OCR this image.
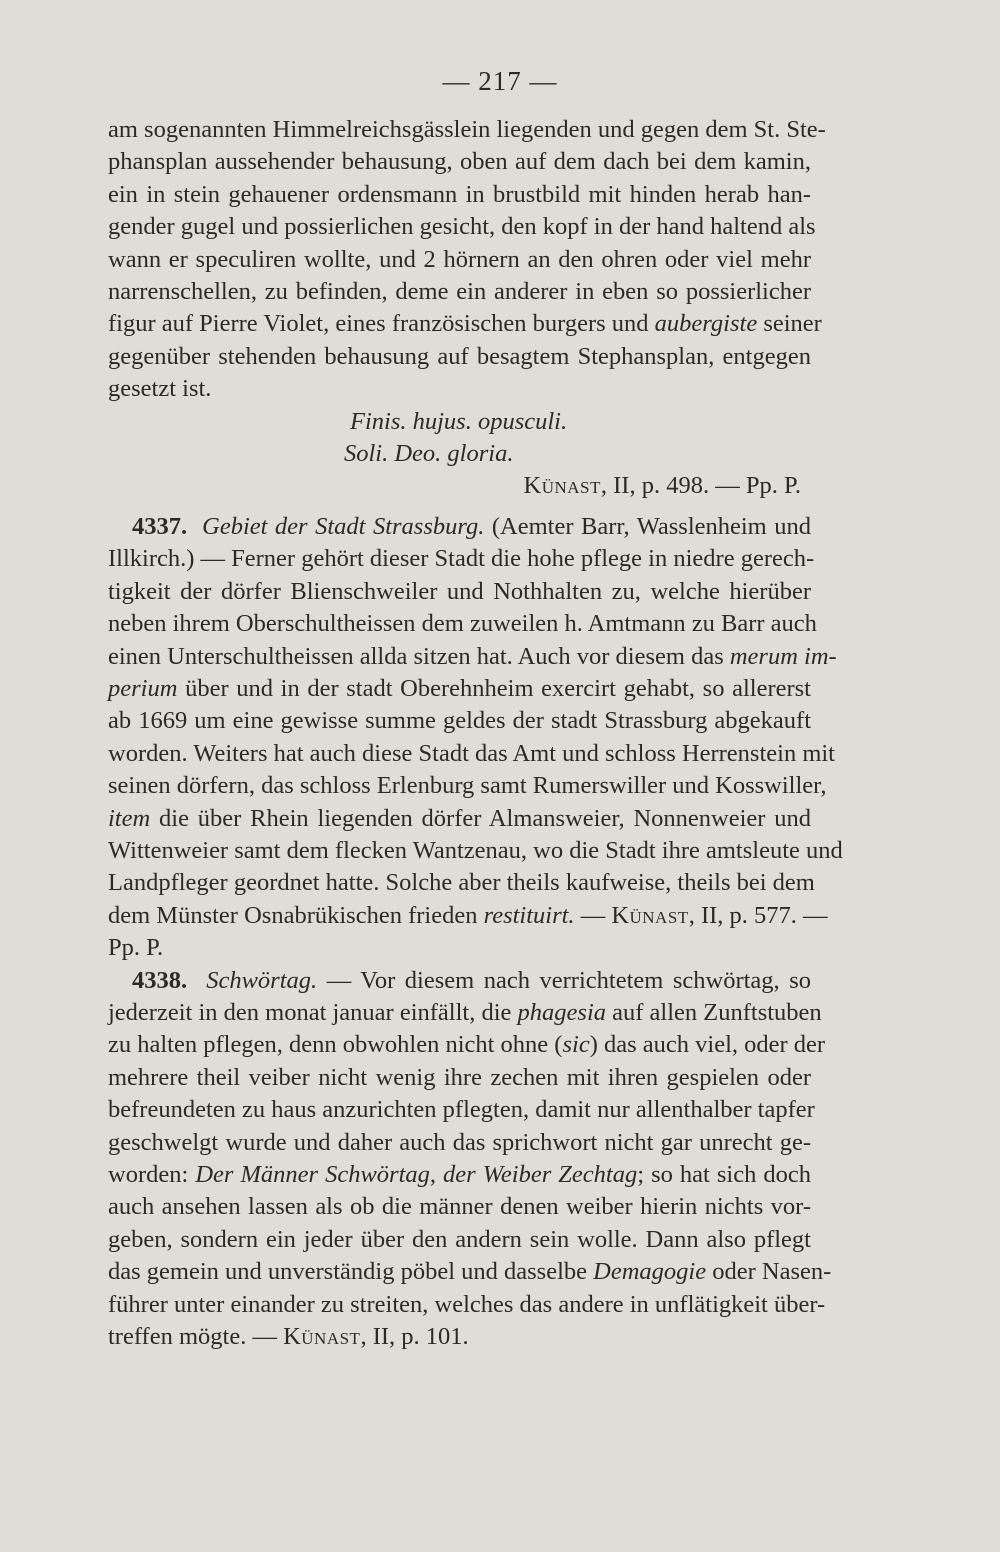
— 217 —

am sogenannten Himmelreichsgässlein liegenden und gegen dem St. Ste-
phansplan aussehender behausung, oben auf dem dach bei dem kamin,
ein in stein gehauener ordensmann in brustbild mit hinden herab han-
gender gugel und possierlichen gesicht, den kopf in der hand haltend als
wann er speculiren wollte, und 2 hörnern an den ohren oder viel mehr
narrenschellen, zu befinden, deme ein anderer in eben so possierlicher
figur auf Pierre Violet, eines französischen burgers und aubergiste seiner
gegenüber stehenden behausung auf besagtem Stephansplan, entgegen
gesetzt ist.

Finis. hujus. opusculi.
Soli. Deo. gloria.
Künast, II, p. 498. — Pp. P.

4337. Gebiet der Stadt Strassburg. (Aemter Barr, Wasslenheim und
Illkirch.) — Ferner gehört dieser Stadt die hohe pflege in niedre gerech-
tigkeit der dörfer Blienschweiler und Nothhalten zu, welche hierüber
neben ihrem Oberschultheissen dem zuweilen h. Amtmann zu Barr auch
einen Unterschultheissen allda sitzen hat. Auch vor diesem das merum im-
perium über und in der stadt Oberehnheim exercirt gehabt, so allererst
ab 1669 um eine gewisse summe geldes der stadt Strassburg abgekauft
worden. Weiters hat auch diese Stadt das Amt und schloss Herrenstein mit
seinen dörfern, das schloss Erlenburg samt Rumerswiller und Kosswiller,
item die über Rhein liegenden dörfer Almansweier, Nonnenweier und
Wittenweier samt dem flecken Wantzenau, wo die Stadt ihre amtsleute und
Landpfleger geordnet hatte. Solche aber theils kaufweise, theils bei dem
dem Münster Osnabrükischen frieden restituirt. — Künast, II, p. 577. —
Pp. P.

4338. Schwörtag. — Vor diesem nach verrichtetem schwörtag, so
jederzeit in den monat januar einfällt, die phagesia auf allen Zunftstuben
zu halten pflegen, denn obwohlen nicht ohne (sic) das auch viel, oder der
mehrere theil veiber nicht wenig ihre zechen mit ihren gespielen oder
befreundeten zu haus anzurichten pflegten, damit nur allenthalber tapfer
geschwelgt wurde und daher auch das sprichwort nicht gar unrecht ge-
worden: Der Männer Schwörtag, der Weiber Zechtag; so hat sich doch
auch ansehen lassen als ob die männer denen weiber hierin nichts vor-
geben, sondern ein jeder über den andern sein wolle. Dann also pflegt
das gemein und unverständig pöbel und dasselbe Demagogie oder Nasen-
führer unter einander zu streiten, welches das andere in unflätigkeit über-
treffen mögte. — Künast, II, p. 101.
